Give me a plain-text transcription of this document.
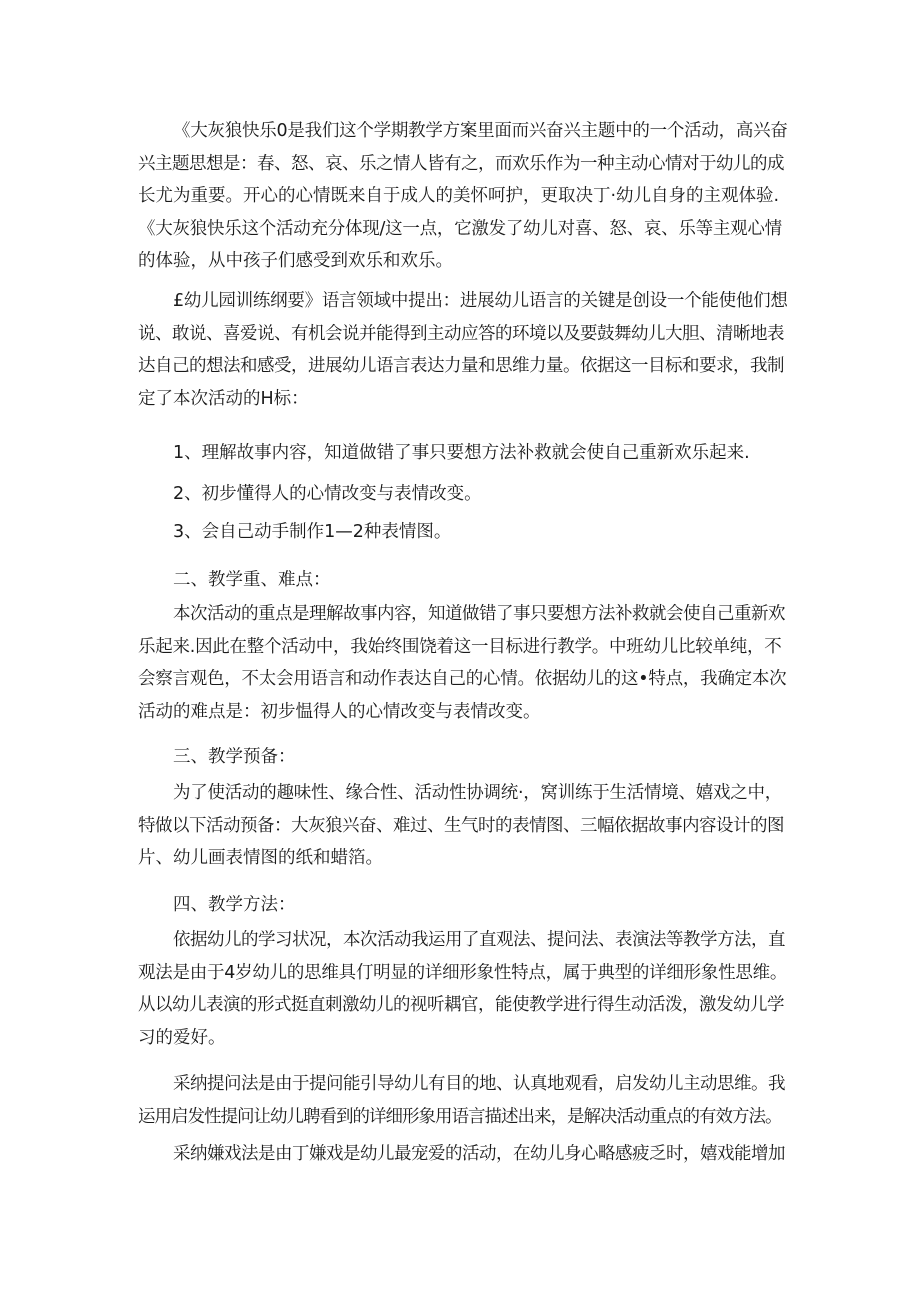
《大灰狼快乐0是我们这个学期教学方案里面而兴奋兴主题中的一个活动，高兴奋
兴主题思想是：春、怒、哀、乐之情人皆有之，而欢乐作为一种主动心情对于幼儿的成
长尤为重要。开心的心情既来自于成人的美怀呵护，更取决丁·幼儿自身的主观体验.
《大灰狼快乐这个活动充分体现/这一点，它激发了幼儿对喜、怒、哀、乐等主观心情
的体验，从中孩子们感受到欢乐和欢乐。

£幼儿园训练纲要》语言领域中提出：进展幼儿语言的关键是创设一个能使他们想
说、敢说、喜爱说、有机会说并能得到主动应答的环境以及要鼓舞幼儿大胆、清晰地表
达自己的想法和感受，进展幼儿语言表达力量和思维力量。依据这一目标和要求，我制
定了本次活动的H标：

1、理解故事内容，知道做错了事只要想方法补救就会使自己重新欢乐起来.

2、初步懂得人的心情改变与表情改变。

3、会自己动手制作1—2种表情图。

二、教学重、难点：

本次活动的重点是理解故事内容，知道做错了事只要想方法补救就会使自己重新欢
乐起来.因此在整个活动中，我始终围饶着这一目标进行教学。中班幼儿比较单纯，不
会察言观色，不太会用语言和动作表达自己的心情。依据幼儿的这•特点，我确定本次
活动的难点是：初步愠得人的心情改变与表情改变。

三、教学预备：

为了使活动的趣味性、缘合性、活动性协调统·，窝训练于生活情境、嬉戏之中，
特做以下活动预备：大灰狼兴奋、难过、生气时的表情图、三幅依据故事内容设计的图
片、幼儿画表情图的纸和蜡箔。

四、教学方法：

依据幼儿的学习状况，本次活动我运用了直观法、提问法、表演法等教学方法，直
观法是由于4岁幼儿的思维具仃明显的详细形象性特点，属于典型的详细形象性思维。
从以幼儿表演的形式挺直刺激幼儿的视听耦官，能使教学进行得生动活泼，激发幼儿学
习的爱好。

采纳提问法是由于提问能引导幼儿有目的地、认真地观看，启发幼儿主动思维。我
运用启发性提问让幼儿聘看到的详细形象用语言描述出来，是解决活动重点的有效方法。

采纳嫌戏法是由丁嫌戏是幼儿最宠爱的活动，在幼儿身心略感疲乏时，嬉戏能增加
